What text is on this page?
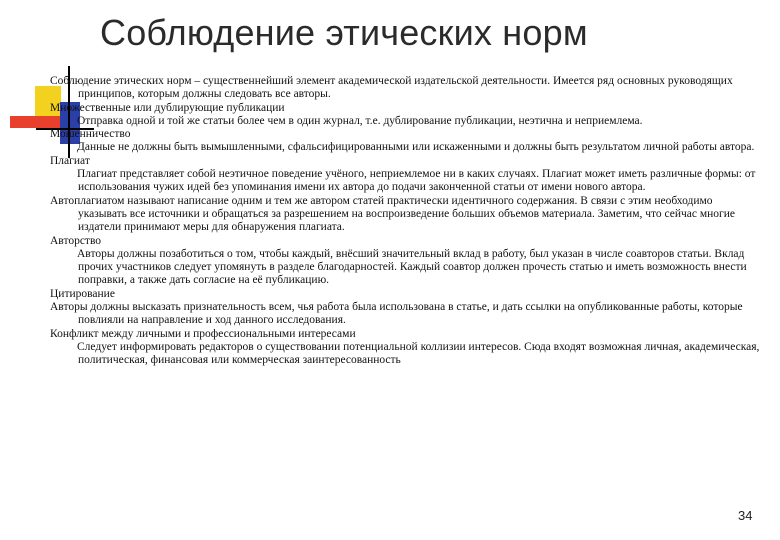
Соблюдение этических норм

Соблюдение этических норм – существеннейший элемент академической издательской деятельности. Имеется ряд основных руководящих принципов, которым должны следовать все авторы.

Множественные или дублирующие публикации

Отправка одной и той же статьи более чем в один журнал, т.е. дублирование публикации, неэтична и неприемлема.

Мошенничество

Данные не должны быть вымышленными, сфальсифицированными или искаженными и должны быть результатом личной работы автора.

Плагиат

Плагиат представляет собой неэтичное поведение учёного, неприемлемое ни в каких случаях. Плагиат может иметь различные формы: от использования чужих идей без упоминания имени их автора до подачи законченной статьи от имени нового автора.

Автоплагиатом называют написание одним и тем же автором статей практически идентичного содержания. В связи с этим необходимо указывать все источники и обращаться за разрешением на воспроизведение больших объемов материала. Заметим, что сейчас многие издатели принимают меры для обнаружения плагиата.

Авторство

Авторы должны позаботиться о том, чтобы каждый, внёсший значительный вклад в работу, был указан в числе соавторов статьи. Вклад прочих участников следует упомянуть в разделе благодарностей. Каждый соавтор должен прочесть статью и иметь возможность внести поправки, а также дать согласие на её публикацию.

Цитирование

Авторы должны высказать признательность всем, чья работа была использована в статье, и дать ссылки на опубликованные работы, которые повлияли на направление и ход данного исследования.

Конфликт между личными и профессиональными интересами

Следует информировать редакторов о существовании потенциальной коллизии интересов. Сюда входят возможная личная, академическая, политическая, финансовая или коммерческая заинтересованность

34
